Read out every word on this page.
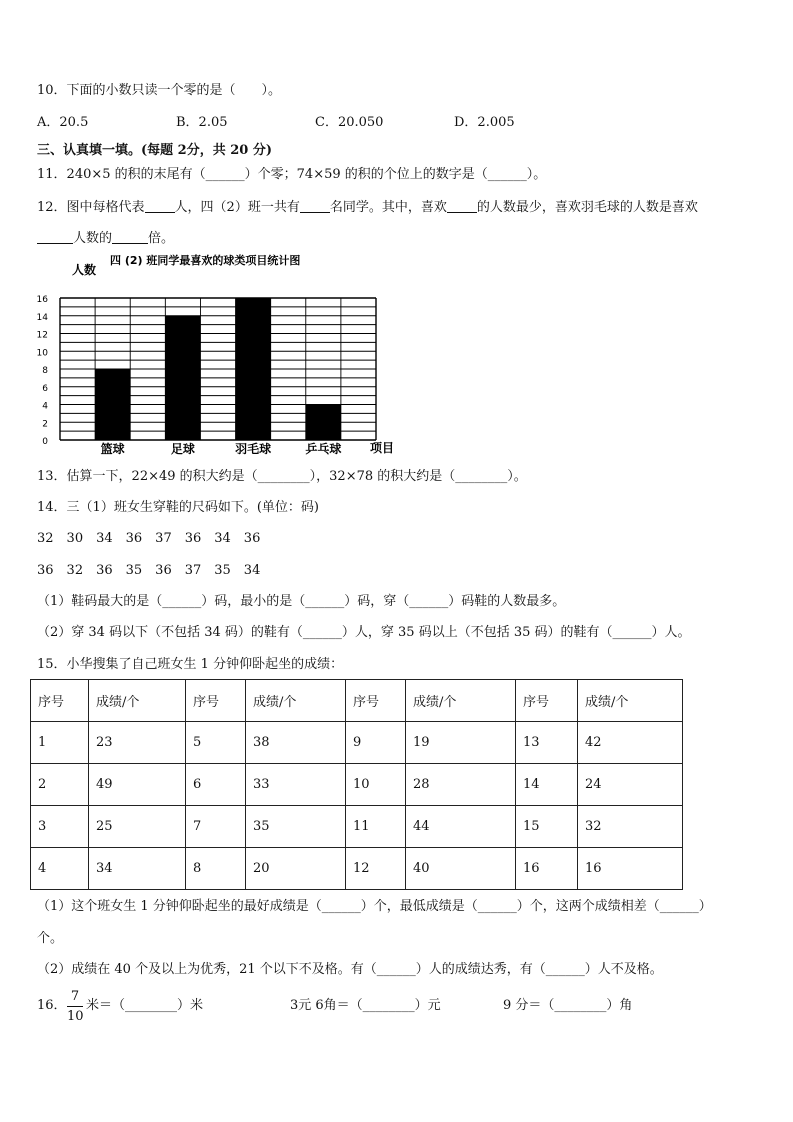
10．下面的小数只读一个零的是（　　）。
A．20.5	B．2.05	C．20.050	D．2.005
三、认真填一填。(每题 2分，共 20 分)
11．240×5 的积的末尾有（______）个零；74×59 的积的个位上的数字是（______）。
12．图中每格代表 人，四（2）班一共有 名同学。其中，喜欢 的人数最少，喜欢羽毛球的人数是喜欢
人数的	倍。
0
2
4
6
8
10
12
14
16
篮球	足球	羽毛球	乒乓球
人数
四 (2) 班同学最喜欢的球类项目统计图
项目
13．估算一下，22×49 的积大约是（________），32×78 的积大约是（________）。
14．三（1）班女生穿鞋的尺码如下。(单位：码)
32　30　34　36　37　36　34　36
36　32　36　35　36　37　35　34
（1）鞋码最大的是（______）码，最小的是（______）码，穿（______）码鞋的人数最多。
（2）穿 34 码以下（不包括 34 码）的鞋有（______）人，穿 35 码以上（不包括 35 码）的鞋有（______）人。
15．小华搜集了自己班女生 1 分钟仰卧起坐的成绩：
序号	成绩/个	序号	成绩/个	序号	成绩/个	序号	成绩/个
1	23	5	38	9	19	13	42
2	49	6	33	10	28	14	24
3	25	7	35	11	44	15	32
4	34	8	20	12	40	16	16
（1）这个班女生 1 分钟仰卧起坐的最好成绩是（______）个，最低成绩是（______）个，这两个成绩相差（______）
个。
（2）成绩在 40 个及以上为优秀，21 个以下不及格。有（______）人的成绩达秀，有（______）人不及格。
16．
7
10
米＝（________）米	3元 6角＝（________）元	9 分＝（________）角
